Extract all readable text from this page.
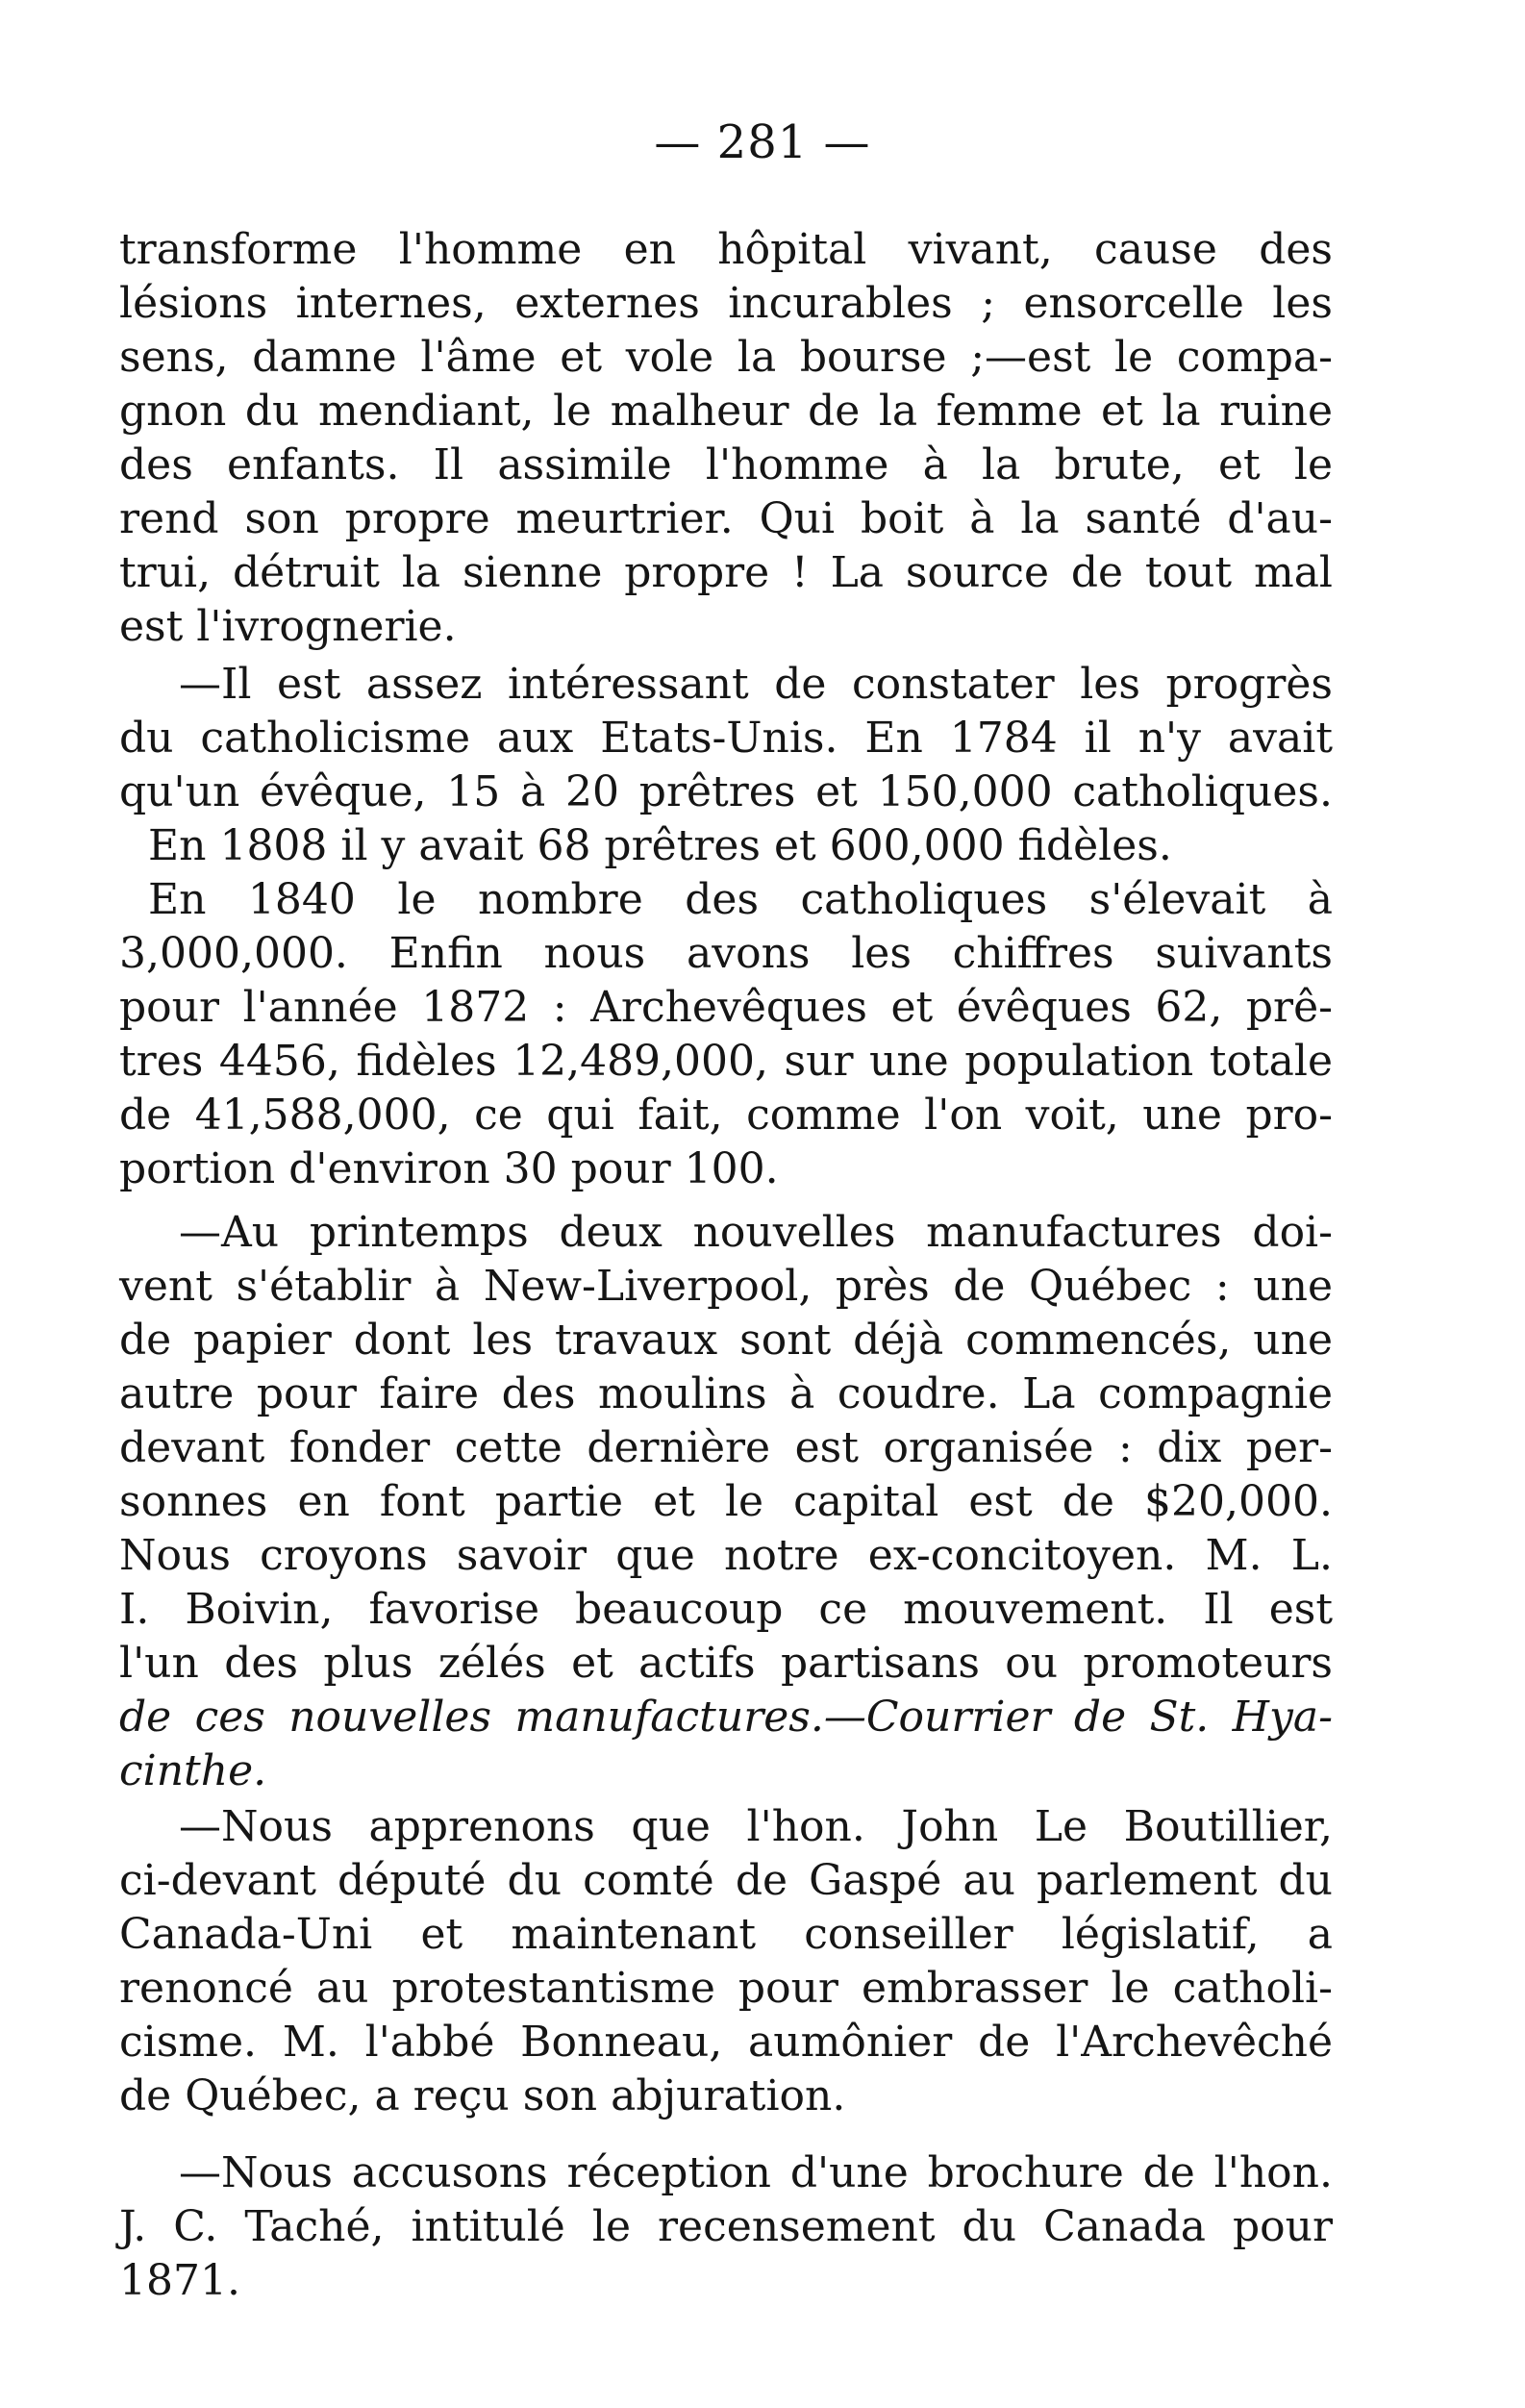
— 281 —
transforme l'homme en hôpital vivant, cause des
lésions internes, externes incurables ; ensorcelle les
sens, damne l'âme et vole la bourse ;—est le compa-
gnon du mendiant, le malheur de la femme et la ruine
des enfants. Il assimile l'homme à la brute, et le
rend son propre meurtrier. Qui boit à la santé d'au-
trui, détruit la sienne propre ! La source de tout mal
est l'ivrognerie.
—Il est assez intéressant de constater les progrès
du catholicisme aux Etats-Unis. En 1784 il n'y avait
qu'un évêque, 15 à 20 prêtres et 150,000 catholiques.
En 1808 il y avait 68 prêtres et 600,000 fidèles.
En 1840 le nombre des catholiques s'élevait à
3,000,000. Enfin nous avons les chiffres suivants
pour l'année 1872 : Archevêques et évêques 62, prê-
tres 4456, fidèles 12,489,000, sur une population totale
de 41,588,000, ce qui fait, comme l'on voit, une pro-
portion d'environ 30 pour 100.
—Au printemps deux nouvelles manufactures doi-
vent s'établir à New-Liverpool, près de Québec : une
de papier dont les travaux sont déjà commencés, une
autre pour faire des moulins à coudre. La compagnie
devant fonder cette dernière est organisée : dix per-
sonnes en font partie et le capital est de $20,000.
Nous croyons savoir que notre ex-concitoyen. M. L.
I. Boivin, favorise beaucoup ce mouvement. Il est
l'un des plus zélés et actifs partisans ou promoteurs
de ces nouvelles manufactures.—Courrier de St. Hya-
cinthe.
—Nous apprenons que l'hon. John Le Boutillier,
ci-devant député du comté de Gaspé au parlement du
Canada-Uni et maintenant conseiller législatif, a
renoncé au protestantisme pour embrasser le catholi-
cisme. M. l'abbé Bonneau, aumônier de l'Archevêché
de Québec, a reçu son abjuration.
—Nous accusons réception d'une brochure de l'hon.
J. C. Taché, intitulé le recensement du Canada pour
1871.
